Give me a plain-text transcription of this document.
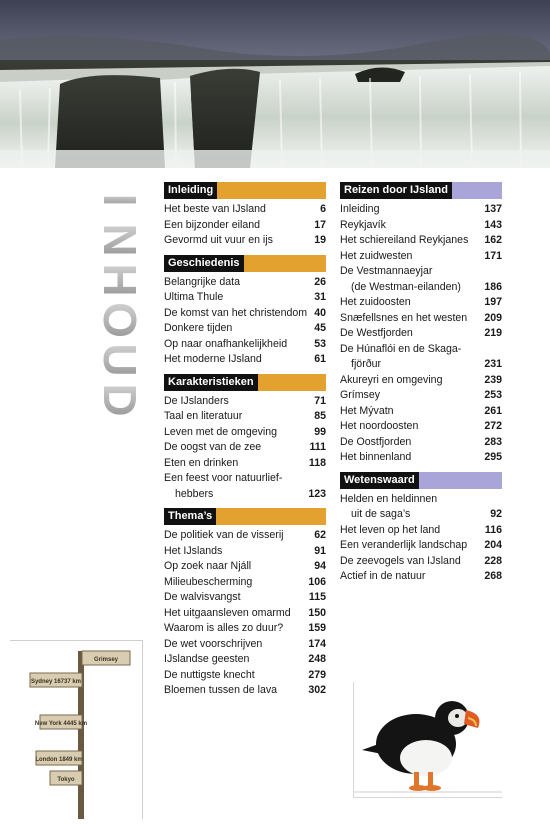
I
N
H
O
U
D
Inleiding
Het beste van IJsland	6
Een bijzonder eiland	17
Gevormd uit vuur en ijs	19
Geschiedenis
Belangrijke data	26
Ultima Thule	31
De komst van het christendom 40
Donkere tijden	45
Op naar onafhankelijkheid	53
Het moderne IJsland	61
Karakteristieken
De IJslanders	71
Taal en literatuur	85
Leven met de omgeving	99
De oogst van de zee	111
Eten en drinken	118
Een feest voor natuurlief-
hebbers	123
Thema’s
De politiek van de visserij	62
Het IJslands	91
Op zoek naar Njáll	94
Milieubescherming	106
De walvisvangst	115
Het uitgaansleven omarmd 150
Waarom is alles zo duur? 159
De wet voorschrijven	174
IJslandse geesten	248
De nuttigste knecht	279
Bloemen tussen de lava	302
Reizen door IJsland
Inleiding	137
Reykjavík	143
Het schiereiland Reykjanes 162
Het zuidwesten	171
De Vestmannaeyjar
(de Westman-eilanden) 186
Het zuidoosten	197
Snæfellsnes en het westen 209
De Westfjorden	219
De Húnaflói en de Skaga-
fjörður	231
Akureyri en omgeving	239
Grímsey	253
Het Mývatn	261
Het noordoosten	272
De Oostfjorden	283
Het binnenland	295
Wetenswaard
Helden en heldinnen
uit de saga’s	92
Het leven op het land	116
Een veranderlijk landschap 204
De zeevogels van IJsland 228
Actief in de natuur	268
Grimsey
Sydney 16737 km
New York 4445 km
London 1849 km
Tokyo
